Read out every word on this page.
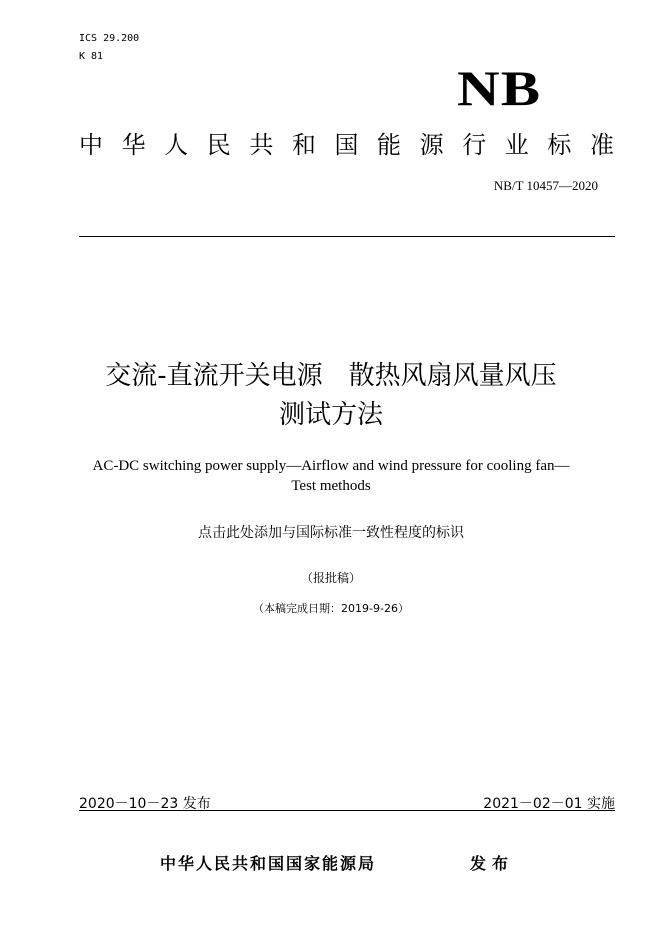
ICS 29.200
K 81
NB
中 华 人 民 共 和 国 能 源 行 业 标 准
NB/T 10457—2020
交流-直流开关电源　散热风扇风量风压
测试方法
AC-DC switching power supply—Airflow and wind pressure for cooling fan—
Test methods
点击此处添加与国际标准一致性程度的标识
（报批稿）
（本稿完成日期：2019-9-26）
2020－10－23 发布	2021－02－01 实施
中华人民共和国国家能源局	发布
